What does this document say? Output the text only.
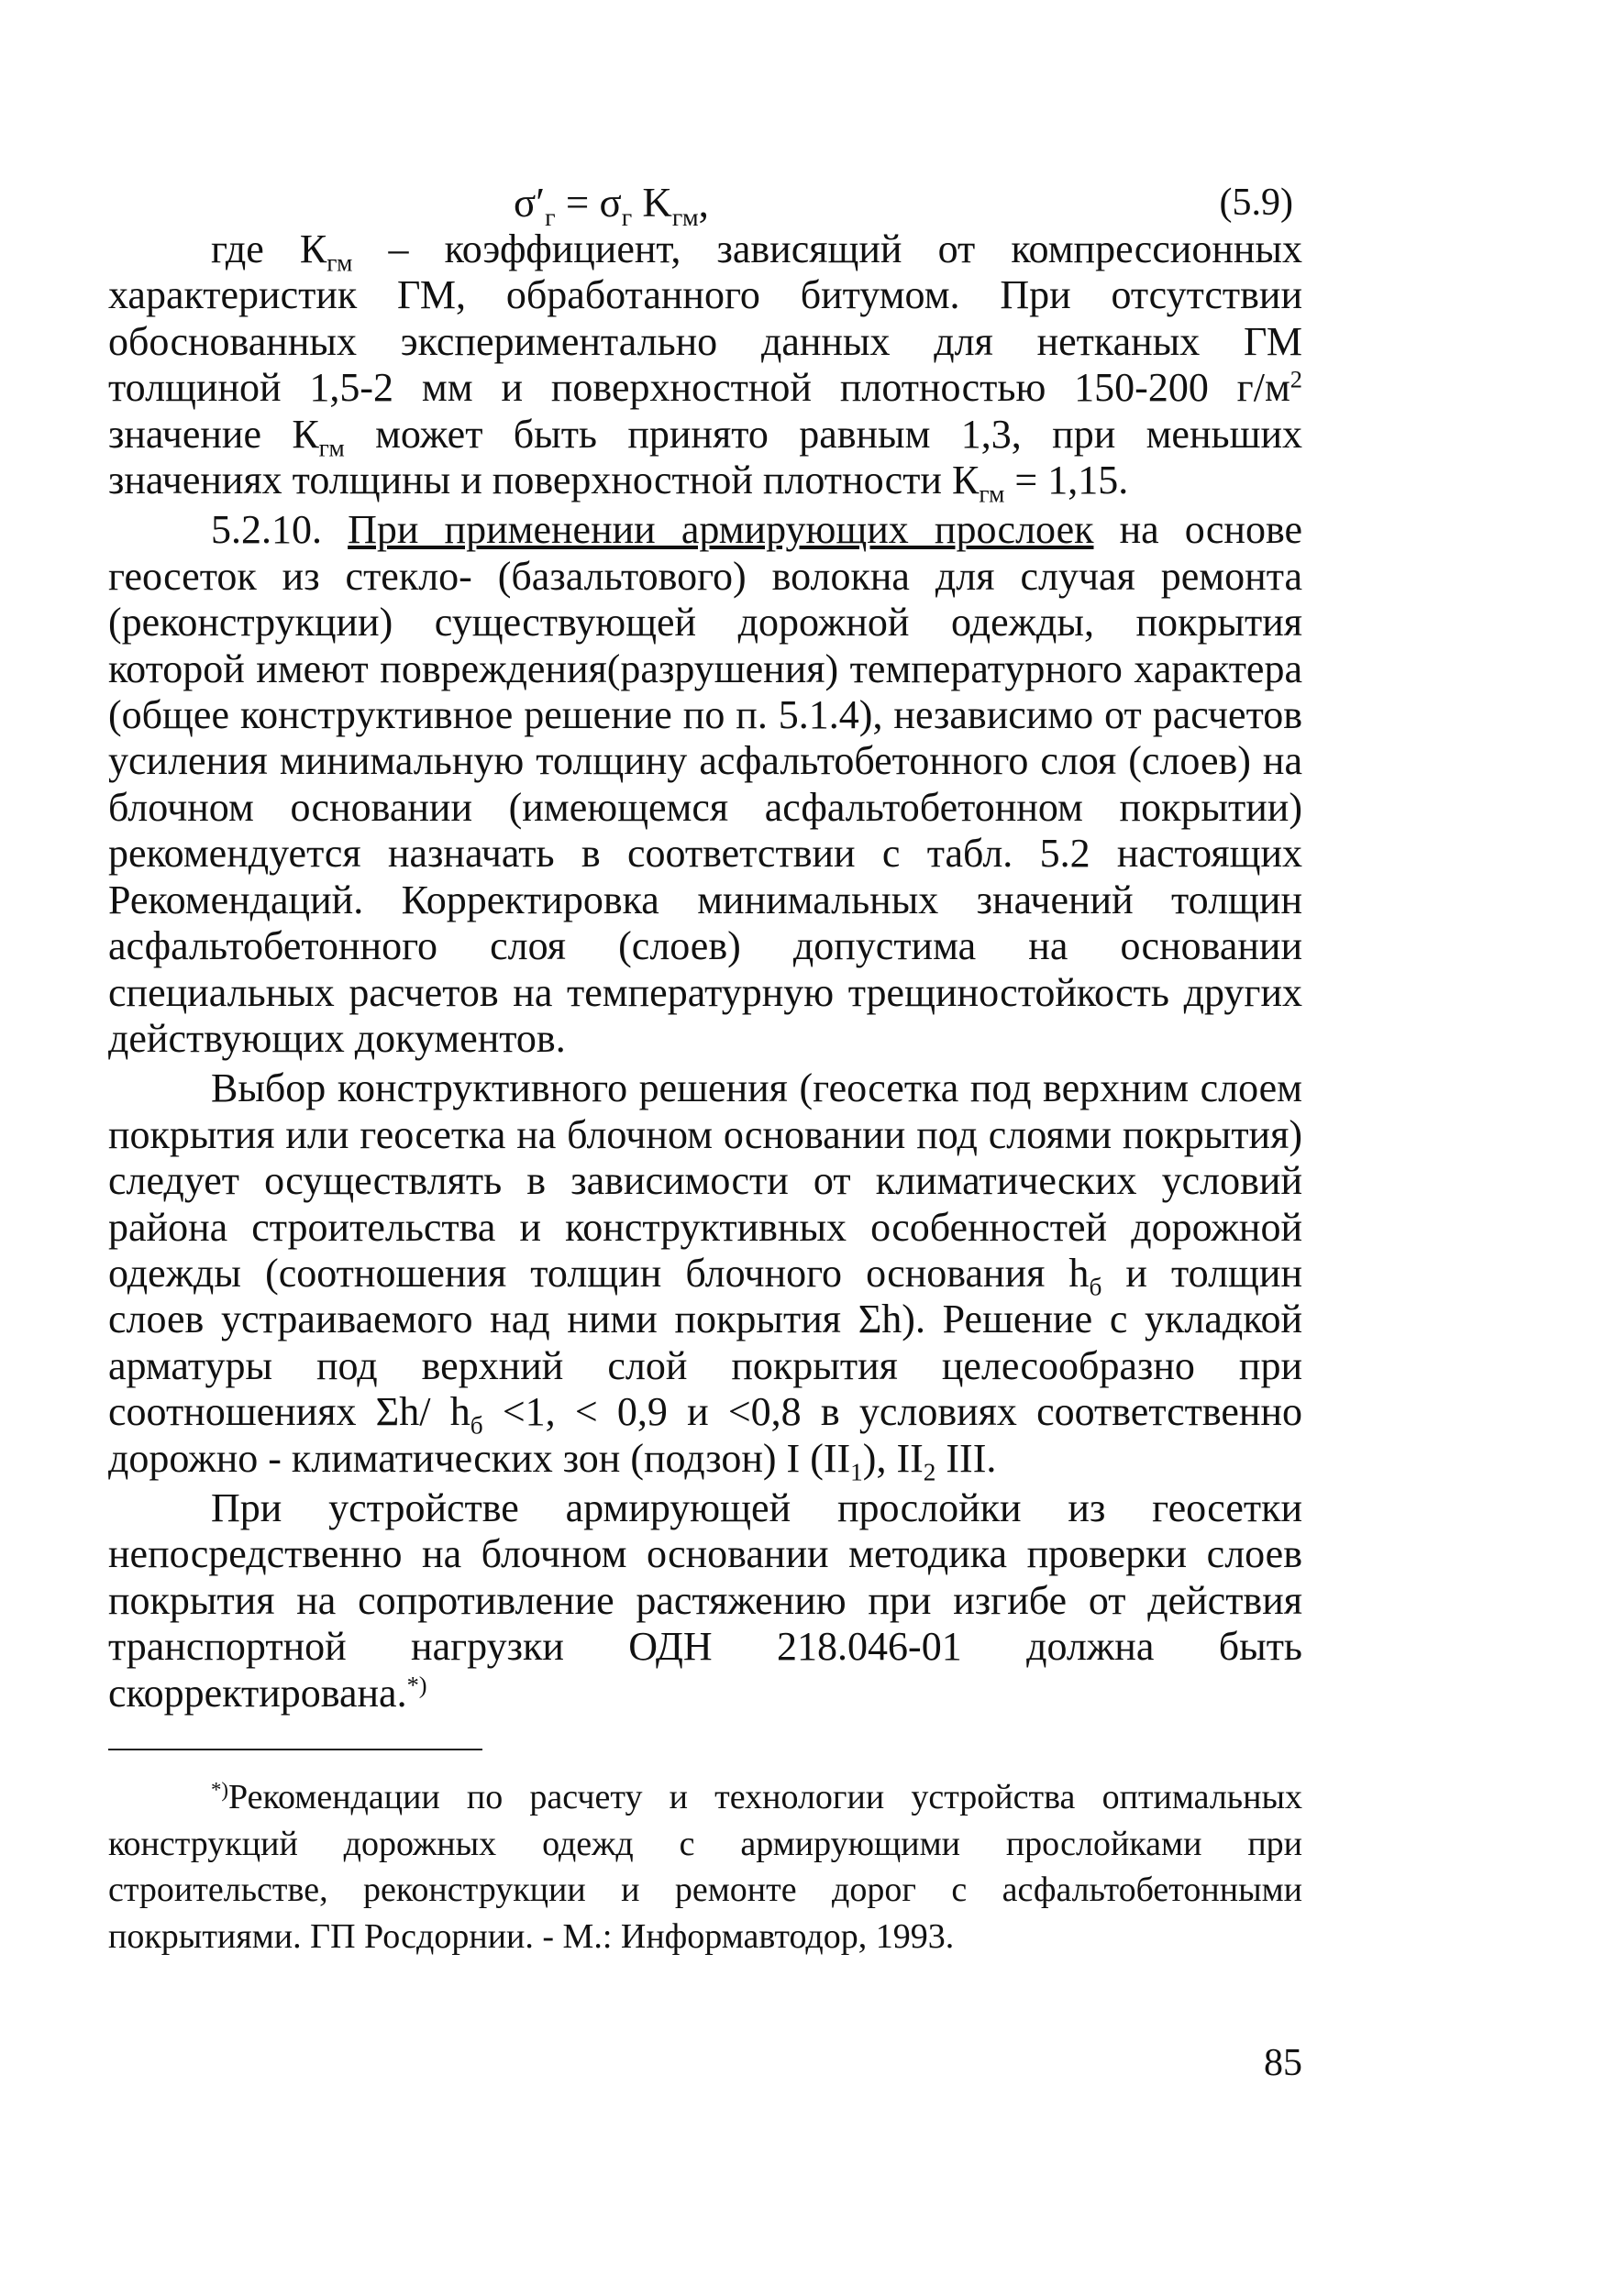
$\sigma'_г = \sigma_г$ $K_{гм}$,	(5.9)

где $К_{гм}$ – коэффициент, зависящий от компрессионных характеристик ГМ, обработанного битумом. При отсутствии обоснованных экспериментально данных для нетканых ГМ толщиной 1,5-2 мм и поверхностной плотностью 150-200 $г/м^2$ значение $К_{гм}$ может быть принято равным 1,3, при меньших значениях толщины и поверхностной плотности $К_{гм} = 1,15$.

5.2.10. При применении армирующих прослоек на основе геосеток из стекло- (базальтового) волокна для случая ремонта (реконструкции) существующей дорожной одежды, покрытия которой имеют повреждения(разрушения) температурного характера (общее конструктивное решение по п. 5.1.4), независимо от расчетов усиления минимальную толщину асфальтобетонного слоя (слоев) на блочном основании (имеющемся асфальтобетонном покрытии) рекомендуется назначать в соответствии с табл. 5.2 настоящих Рекомендаций. Корректировка минимальных значений толщин асфальтобетонного слоя (слоев) допустима на основании специальных расчетов на температурную трещиностойкость других действующих документов.

Выбор конструктивного решения (геосетка под верхним слоем покрытия или геосетка на блочном основании под слоями покрытия) следует осуществлять в зависимости от климатических условий района строительства и конструктивных особенностей дорожной одежды (соотношения толщин блочного основания $h_б$ и толщин слоев устраиваемого над ними покрытия Σh). Решение с укладкой арматуры под верхний слой покрытия целесообразно при соотношениях Σh/ $h_б <1$, < 0,9 и <0,8 в условиях соответственно дорожно - климатических зон (подзон) I $(II_1)$, $II_2$ III.

При устройстве армирующей прослойки из геосетки непосредственно на блочном основании методика проверки слоев покрытия на сопротивление растяжению при изгибе от действия транспортной нагрузки ОДН 218.046-01 должна быть скорректирована.*)

*)Рекомендации по расчету и технологии устройства оптимальных конструкций дорожных одежд с армирующими прослойками при строительстве, реконструкции и ремонте дорог с асфальтобетонными покрытиями. ГП Росдорнии. - М.: Информавтодор, 1993.

85
